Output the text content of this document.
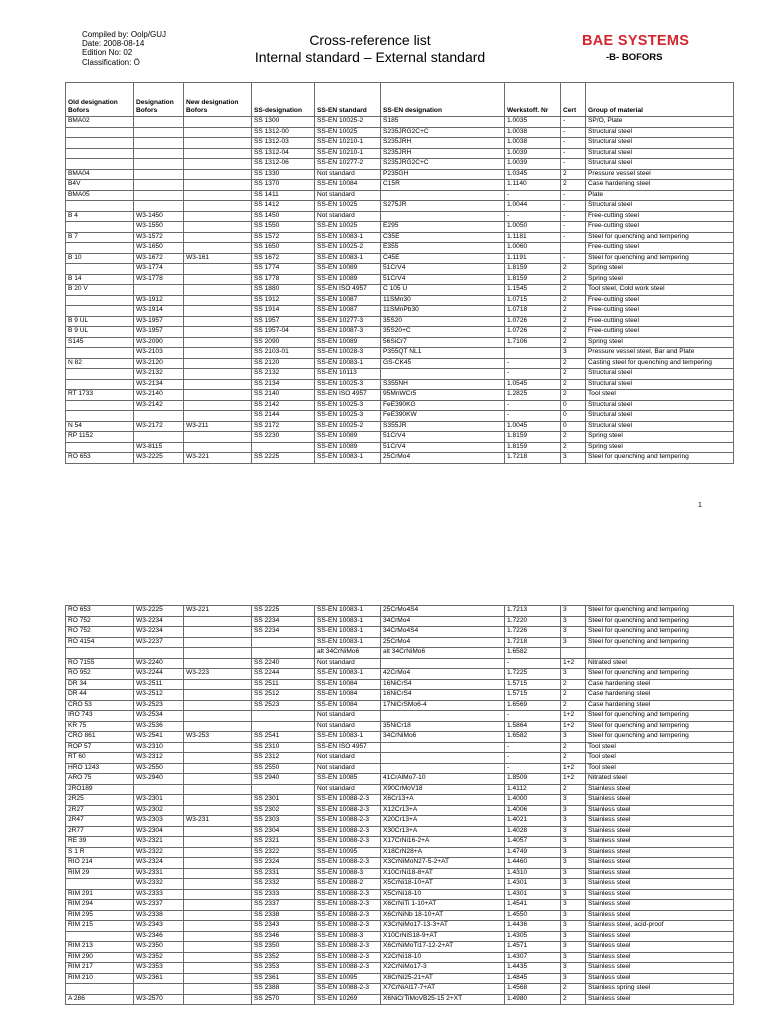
Compiled by: Oolp/GUJ
Date: 2008-08-14
Edition No: 02
Classification: Ö
Cross-reference list
Internal standard – External standard
BAE SYSTEMS
-B- BOFORS
Old designation Bofors	Designation Bofors	New designation Bofors	SS-designation	SS-EN standard	SS-EN designation	Werkstoff. Nr	Cert	Group of material
BMA02			SS 1300	SS-EN 10025-2	S185	1.0035	-	SP/O, Plate
			SS 1312-00	SS-EN 10025	S235JRG2C+C	1.0038	-	Structural steel
			SS 1312-03	SS-EN 10210-1	S235JRH	1.0038	-	Structural steel
			SS 1312-04	SS-EN 10210-1	S235JRH	1.0039	-	Structural steel
			SS 1312-06	SS-EN 10277-2	S235JRG2C+C	1.0039	-	Structural steel
BMA04			SS 1330	Not standard	P235GH	1.0345	2	Pressure vessel steel
B4V			SS 1370	SS-EN 10084	C15R	1.1140	2	Case hardening steel
BMA05			SS 1411	Not standard		-	-	Plate
			SS 1412	SS-EN 10025	S275JR	1.0044	-	Structural steel
B 4	W3-1450		SS 1450	Not standard		-	-	Free-cutting steel
	W3-1550		SS 1550	SS-EN 10025	E295	1.0050	-	Free-cutting steel
B 7	W3-1572		SS 1572	SS-EN 10083-1	C35E	1.1181	-	Steel for quenching and tempering
	W3-1650		SS 1650	SS-EN 10025-2	E355	1.0060		Free-cutting steel
B 10	W3-1672	W3-161	SS 1672	SS-EN 10083-1	C45E	1.1191	-	Steel for quenching and tempering
	W3-1774		SS 1774	SS-EN 10089	51CrV4	1.8159	2	Spring steel
B 14	W3-1778		SS 1778	SS-EN 10089	51CrV4	1.8159	2	Spring steel
B 20 V			SS 1880	SS-EN ISO 4957	C 105 U	1.1545	2	Tool steel, Cold work steel
	W3-1912		SS 1912	SS-EN 10087	11SMn30	1.0715	2	Free-cutting steel
	W3-1914		SS 1914	SS-EN 10087	11SMnPb30	1.0718	2	Free-cutting steel
B 9 UL	W3-1957		SS 1957	SS-EN 10277-3	35S20	1.0726	2	Free-cutting steel
B 9 UL	W3-1957		SS 1957-04	SS-EN 10087-3	35S20+C	1.0726	2	Free-cutting steel
S145	W3-2090		SS 2090	SS-EN 10089	56SiCr7	1.7106	2	Spring steel
	W3-2103		SS 2103-01	SS-EN 10028-3	P355QT NL1		3	Pressure vessel steel, Bar and Plate
N 82	W3-2120		SS 2120	SS-EN 10083-1	GS-CK45	-	2	Casting steel for quenching and tempering
	W3-2132		SS 2132	SS-EN 10113		-	2	Structural steel
	W3-2134		SS 2134	SS-EN 10025-3	S355NH	1.0545	2	Structural steel
RT 1733	W3-2140		SS 2140	SS-EN ISO 4957	95MnWCr5	1.2825	2	Tool steel
	W3-2142		SS 2142	SS-EN 10025-3	FeE390KG	-	0	Structural steel
			SS 2144	SS-EN 10025-3	FeE390KW	-	0	Structural steel
N 54	W3-2172	W3-211	SS 2172	SS-EN 10025-2	S355JR	1.0045	0	Structural steel
RP 1152			SS 2230	SS-EN 10089	51CrV4	1.8159	2	Spring steel
	W3-8115			SS-EN 10089	51CrV4	1.8159	2	Spring steel
RO 653	W3-2225	W3-221	SS 2225	SS-EN 10083-1	25CrMo4	1.7218	3	Steel for quenching and tempering
1
RO 653	W3-2225	W3-221	SS 2225	SS-EN 10083-1	25CrMo4S4	1.7213	3	Steel for quenching and tempering
RO 752	W3-2234		SS 2234	SS-EN 10083-1	34CrMo4	1.7220	3	Steel for quenching and tempering
RO 752	W3-2234		SS 2234	SS-EN 10083-1	34CrMo4S4	1.7226	3	Steel for quenching and tempering
RO 4154	W3-2237			SS-EN 10083-1	25CrMo4	1.7218	3	Steel for quenching and tempering
				alt 34CrNiMo6	alt 34CrNiMo6	1.6582		
RO 7155	W3-2240		SS 2240	Not standard		-	1+2	Nitrated steel
RO 952	W3-2244	W3-223	SS 2244	SS-EN 10083-1	42CrMo4	1.7225	3	Steel for quenching and tempering
DR 34	W3-2511		SS 2511	SS-EN 10084	16NiCrS4	1.5715	2	Case hardening steel
DR 44	W3-2512		SS 2512	SS-EN 10084	16NiCrS4	1.5715	2	Case hardening steel
CRO 53	W3-2523		SS 2523	SS-EN 10084	17NiCrSMo6-4	1.6569	2	Case hardening steel
IRO 743	W3-2534			Not standard		-	1+2	Steel for quenching and tempering
KR 75	W3-2536			Not standard	35NiCr18	1.5864	1+2	Steel for quenching and tempering
CRO 861	W3-2541	W3-253	SS 2541	SS-EN 10083-1	34CrNiMo6	1.6582	3	Steel for quenching and tempering
ROP 57	W3-2310		SS 2310	SS-EN ISO 4957		-	2	Tool steel
RT 60	W3-2312		SS 2312	Not standard		-	2	Tool steel
HRO 1243	W3-2550		SS 2550	Not standard		-	1+2	Tool steel
ARO 75	W3-2940		SS 2940	SS-EN 10085	41CrAlMo7-10	1.8509	1+2	Nitrated steel
2RO189				Not standard	X90CrMoV18	1.4112	2	Stainless steel
2R25	W3-2301		SS 2301	SS-EN 10088-2-3	X6Cr13+A	1.4000	3	Stainless steel
2R27	W3-2302		SS 2302	SS-EN 10088-2-3	X12Cr13+A	1.4006	3	Stainless steel
2R47	W3-2303	W3-231	SS 2303	SS-EN 10088-2-3	X20Cr13+A	1.4021	3	Stainless steel
2R77	W3-2304		SS 2304	SS-EN 10088-2-3	X30Cr13+A	1.4028	3	Stainless steel
RE 39	W3-2321		SS 2321	SS-EN 10088-2-3	X17CrNi16-2+A	1.4057	3	Stainless steel
S 1 R	W3-2322		SS 2322	SS-EN 10095	X18CrN28+A	1.4749	3	Stainless steel
RIO 214	W3-2324		SS 2324	SS-EN 10088-2-3	X3CrNiMoN27-5-2+AT	1.4460	3	Stainless steel
RIM 29	W3-2331		SS 2331	SS-EN 10088-3	X10CrNi18-8+AT	1.4310	3	Stainless steel
	W3-2332		SS 2332	SS-EN 10088-2	X5CrNi18-10+AT	1.4301	3	Stainless steel
RIM 291	W3-2333		SS 2333	SS-EN 10088-2-3	X5CrNi18-10	1.4301	3	Stainless steel
RIM 294	W3-2337		SS 2337	SS-EN 10088-2-3	X6CrNiTi 1-10+AT	1.4541	3	Stainless steel
RIM 295	W3-2338		SS 2338	SS-EN 10088-2-3	X6CrNiNb 18-10+AT	1.4550	3	Stainless steel
RIM 215	W3-2343		SS 2343	SS-EN 10088-2-3	X3CrNiMo17-13-3+AT	1.4436	3	Stainless steel, acid-proof
	W3-2346		SS 2346	SS-EN 10088-3	X10CrNiS18-9+AT	1.4305	3	Stainless steel
RIM 213	W3-2350		SS 2350	SS-EN 10088-2-3	X6CrNiMoTi17-12-2+AT	1.4571	3	Stainless steel
RIM 290	W3-2352		SS 2352	SS-EN 10088-2-3	X2CrNi18-10	1.4307	3	Stainless steel
RIM 217	W3-2353		SS 2353	SS-EN 10088-2-3	X2CrNiMo17-3	1.4435	3	Stainless steel
RIM 210	W3-2361		SS 2361	SS-EN 10095	X8CrNi25-21+AT	1.4845	3	Stainless steel
			SS 2388	SS-EN 10088-2-3	X7CrNiAl17-7+AT	1.4568	2	Stainless spring steel
A 286	W3-2570		SS 2570	SS-EN 10269	X6NiCrTiMoVB25-15 2+XT	1.4980	2	Stainless steel
